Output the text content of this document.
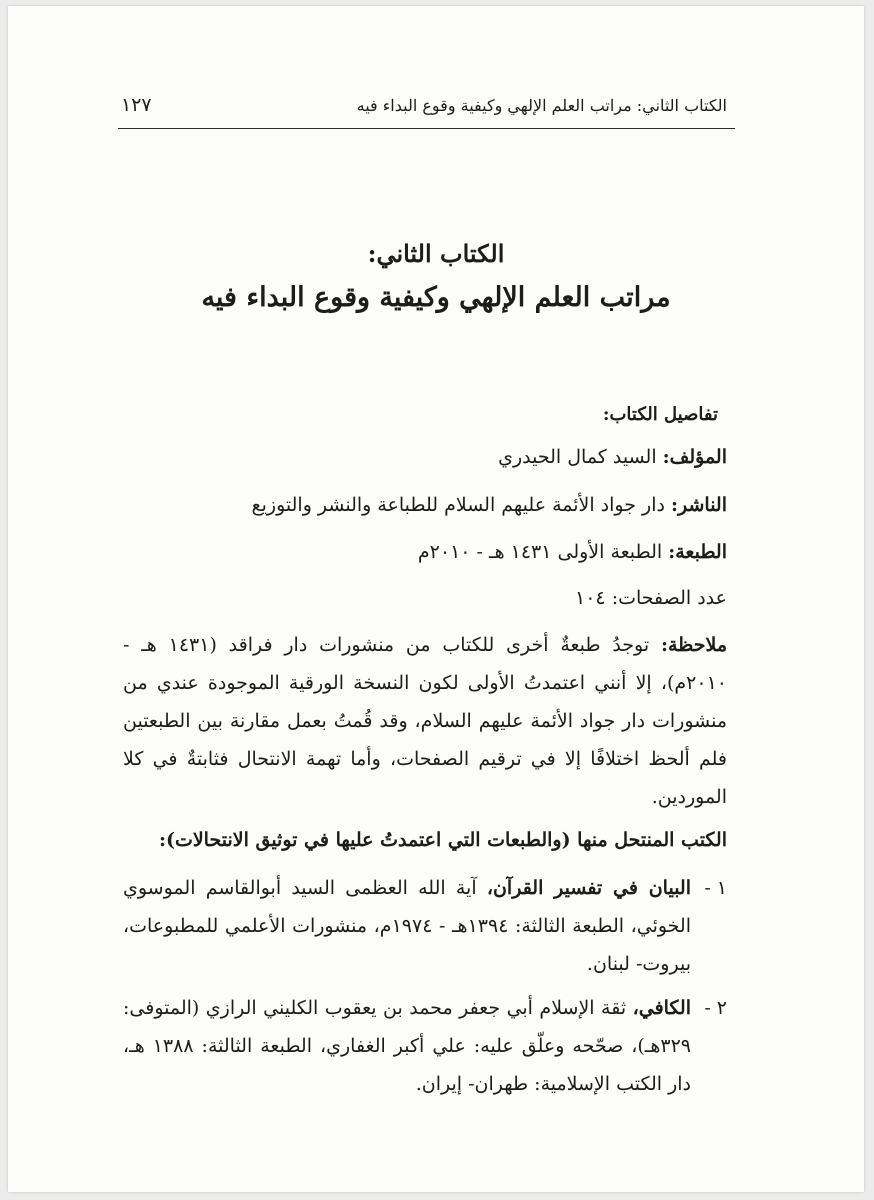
الكتاب الثاني: مراتب العلم الإلهي وكيفية وقوع البداء فيه
١٢٧
الكتاب الثاني:
مراتب العلم الإلهي وكيفية وقوع البداء فيه
تفاصيل الكتاب:
المؤلف: السيد كمال الحيدري
الناشر: دار جواد الأئمة عليهم السلام للطباعة والنشر والتوزيع
الطبعة: الطبعة الأولى ١٤٣١ هـ - ٢٠١٠م
عدد الصفحات: ١٠٤
ملاحظة: توجدُ طبعةٌ أخرى للكتاب من منشورات دار فراقد (١٤٣١ هـ - ٢٠١٠م)، إلا أنني اعتمدتُ الأولى لكون النسخة الورقية الموجودة عندي من منشورات دار جواد الأئمة عليهم السلام، وقد قُمتُ بعمل مقارنة بين الطبعتين فلم ألحظ اختلافًا إلا في ترقيم الصفحات، وأما تهمة الانتحال فثابتةٌ في كلا الموردين.
الكتب المنتحل منها (والطبعات التي اعتمدتُ عليها في توثيق الانتحالات):
١ -
البيان في تفسير القرآن، آية الله العظمى السيد أبوالقاسم الموسوي الخوئي، الطبعة الثالثة: ١٣٩٤هـ - ١٩٧٤م، منشورات الأعلمي للمطبوعات، بيروت- لبنان.
٢ -
الكافي، ثقة الإسلام أبي جعفر محمد بن يعقوب الكليني الرازي (المتوفى: ٣٢٩هـ)، صحّحه وعلّق عليه: علي أكبر الغفاري، الطبعة الثالثة: ١٣٨٨ هـ، دار الكتب الإسلامية: طهران- إيران.
